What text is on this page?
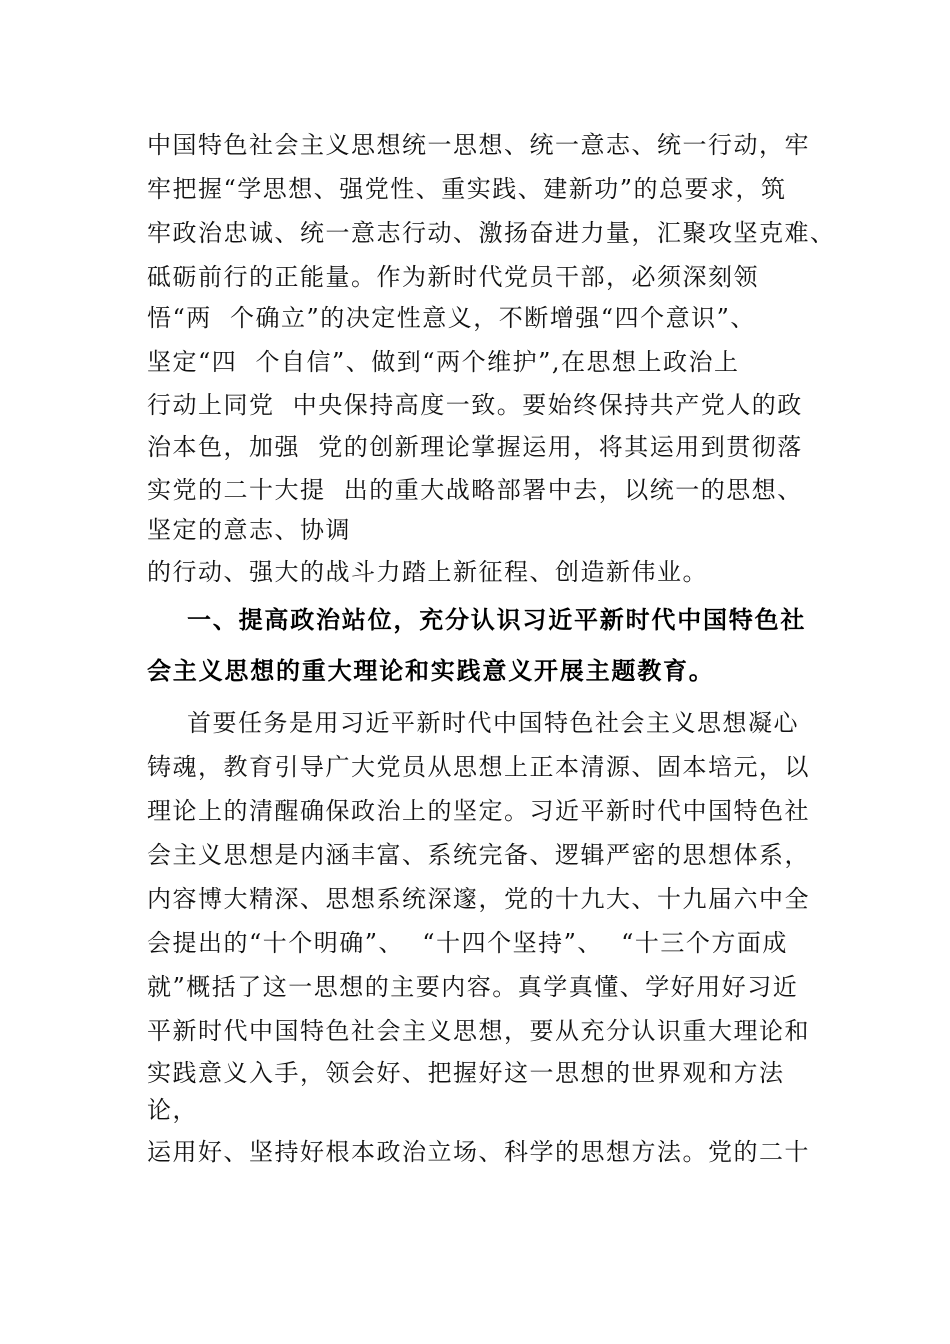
中国特色社会主义思想统一思想、统一意志、统一行动，牢
牢把握“学思想、强党性、重实践、建新功”的总要求，筑
牢政治忠诚、统一意志行动、激扬奋进力量，汇聚攻坚克难、
砥砺前行的正能量。作为新时代党员干部，必须深刻领
悟“两  个确立”的决定性意义，不断增强“四个意识”、
坚定“四  个自信”、做到“两个维护”,在思想上政治上
行动上同党  中央保持高度一致。要始终保持共产党人的政
治本色，加强  党的创新理论掌握运用，将其运用到贯彻落
实党的二十大提  出的重大战略部署中去，以统一的思想、
坚定的意志、协调
的行动、强大的战斗力踏上新征程、创造新伟业。
一、提高政治站位，充分认识习近平新时代中国特色社
会主义思想的重大理论和实践意义开展主题教育。
首要任务是用习近平新时代中国特色社会主义思想凝心
铸魂，教育引导广大党员从思想上正本清源、固本培元，以
理论上的清醒确保政治上的坚定。习近平新时代中国特色社
会主义思想是内涵丰富、系统完备、逻辑严密的思想体系，
内容博大精深、思想系统深邃，党的十九大、十九届六中全
会提出的“十个明确”、  “十四个坚持”、  “十三个方面成
就”概括了这一思想的主要内容。真学真懂、学好用好习近
平新时代中国特色社会主义思想，要从充分认识重大理论和
实践意义入手，领会好、把握好这一思想的世界观和方法
论，
运用好、坚持好根本政治立场、科学的思想方法。党的二十
